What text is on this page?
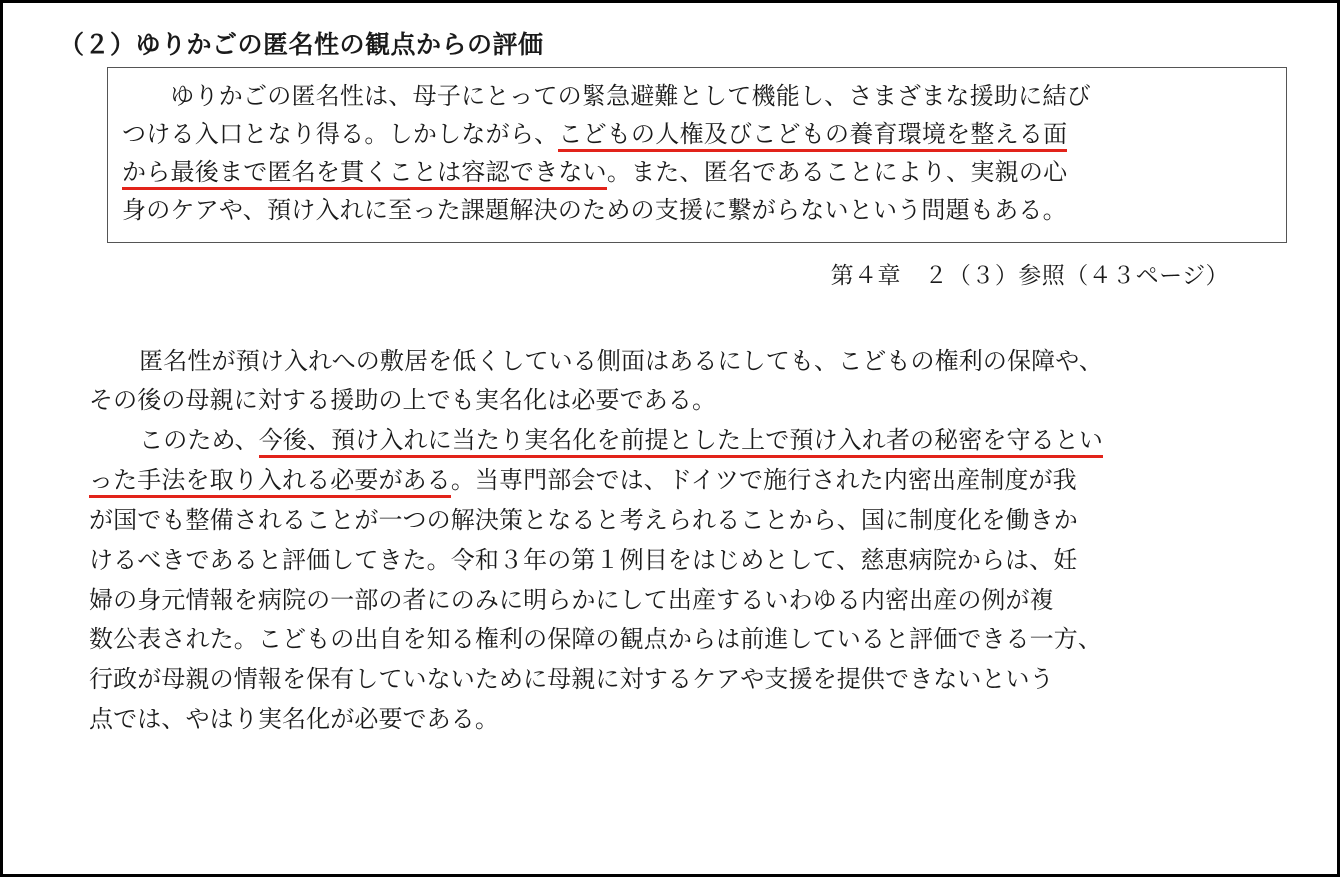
（２）ゆりかごの匿名性の観点からの評価
　ゆりかごの匿名性は、母子にとっての緊急避難として機能し、さまざまな援助に結び
つける入口となり得る。しかしながら、こどもの人権及びこどもの養育環境を整える面
から最後まで匿名を貫くことは容認できない。また、匿名であることにより、実親の心
身のケアや、預け入れに至った課題解決のための支援に繋がらないという問題もある。
第４章　２（３）参照（４３ページ）
　匿名性が預け入れへの敷居を低くしている側面はあるにしても、こどもの権利の保障や、
その後の母親に対する援助の上でも実名化は必要である。
　このため、今後、預け入れに当たり実名化を前提とした上で預け入れ者の秘密を守るとい
った手法を取り入れる必要がある。当専門部会では、ドイツで施行された内密出産制度が我
が国でも整備されることが一つの解決策となると考えられることから、国に制度化を働きか
けるべきであると評価してきた。令和３年の第１例目をはじめとして、慈恵病院からは、妊
婦の身元情報を病院の一部の者にのみに明らかにして出産するいわゆる内密出産の例が複
数公表された。こどもの出自を知る権利の保障の観点からは前進していると評価できる一方、
行政が母親の情報を保有していないために母親に対するケアや支援を提供できないという
点では、やはり実名化が必要である。
